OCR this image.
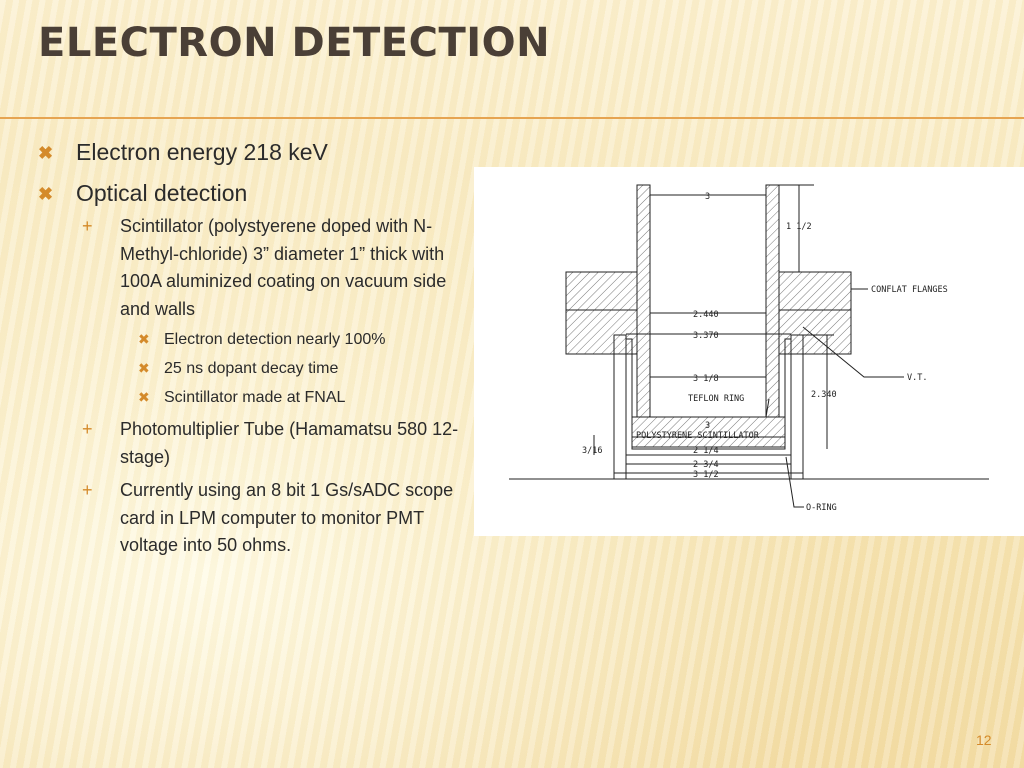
ELECTRON DETECTION
✖ Electron energy 218 keV
✖ Optical detection
+ Scintillator (polystyerene doped with N-Methyl-chloride) 3” diameter 1” thick with 100A aluminized coating on vacuum side and walls
✖ Electron detection nearly 100%
✖ 25 ns dopant decay time
✖ Scintillator made at FNAL
+ Photomultiplier Tube (Hamamatsu 580 12-stage)
+ Currently using an 8 bit 1 Gs/sADC scope card in LPM computer to monitor PMT voltage into 50 ohms.
3
1 1/2
CONFLAT FLANGES
2.440
3.370
3 1/8	V.T.
TEFLON RING	2.340
3
POLYSTYRENE SCINTILLATOR
3/16	2 1/4
2 3/4
3 1/2
O-RING
12
